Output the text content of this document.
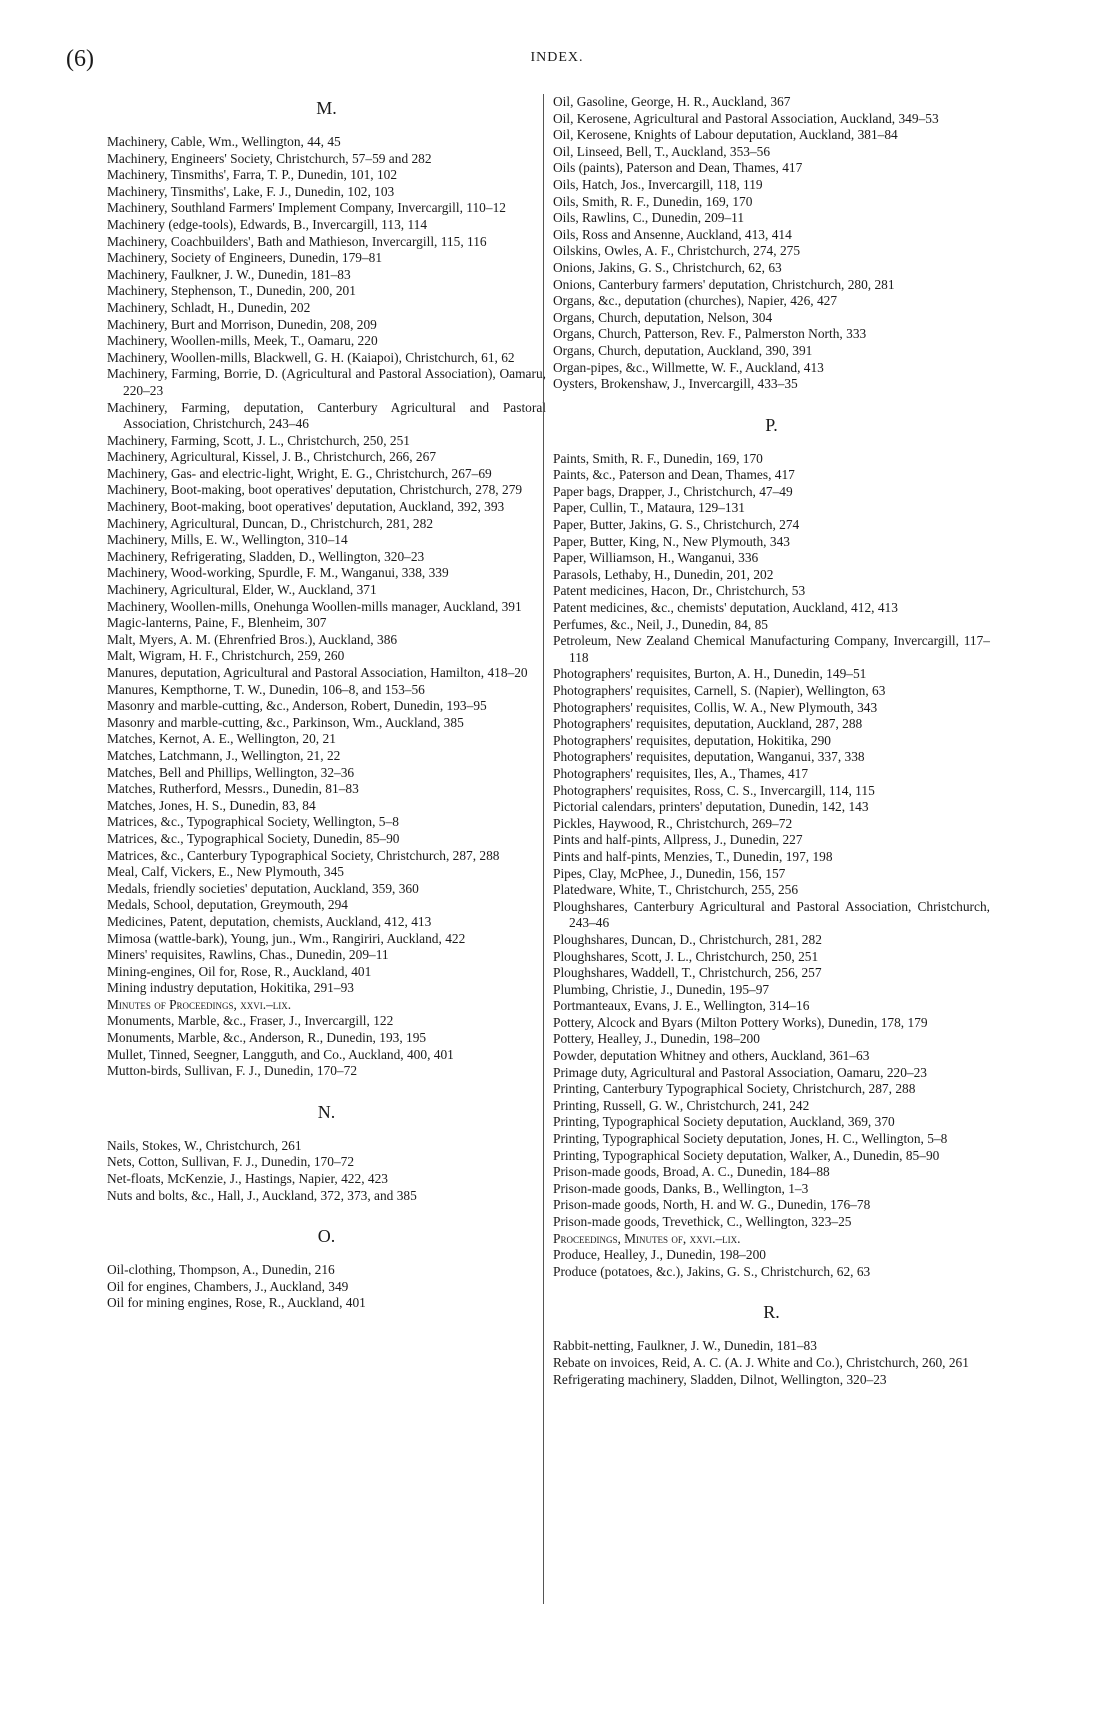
(6)	INDEX.
M.
Machinery, Cable, Wm., Wellington, 44, 45
Machinery, Engineers' Society, Christchurch, 57–59 and 282
Machinery, Tinsmiths', Farra, T. P., Dunedin, 101, 102
Machinery, Tinsmiths', Lake, F. J., Dunedin, 102, 103
Machinery, Southland Farmers' Implement Company, Invercargill, 110–12
Machinery (edge-tools), Edwards, B., Invercargill, 113, 114
Machinery, Coachbuilders', Bath and Mathieson, Invercargill, 115, 116
Machinery, Society of Engineers, Dunedin, 179–81
Machinery, Faulkner, J. W., Dunedin, 181–83
Machinery, Stephenson, T., Dunedin, 200, 201
Machinery, Schladt, H., Dunedin, 202
Machinery, Burt and Morrison, Dunedin, 208, 209
Machinery, Woollen-mills, Meek, T., Oamaru, 220
Machinery, Woollen-mills, Blackwell, G. H. (Kaiapoi), Christchurch, 61, 62
Machinery, Farming, Borrie, D. (Agricultural and Pastoral Association), Oamaru, 220–23
Machinery, Farming, deputation, Canterbury Agricultural and Pastoral Association, Christchurch, 243–46
Machinery, Farming, Scott, J. L., Christchurch, 250, 251
Machinery, Agricultural, Kissel, J. B., Christchurch, 266, 267
Machinery, Gas- and electric-light, Wright, E. G., Christchurch, 267–69
Machinery, Boot-making, boot operatives' deputation, Christchurch, 278, 279
Machinery, Boot-making, boot operatives' deputation, Auckland, 392, 393
Machinery, Agricultural, Duncan, D., Christchurch, 281, 282
Machinery, Mills, E. W., Wellington, 310–14
Machinery, Refrigerating, Sladden, D., Wellington, 320–23
Machinery, Wood-working, Spurdle, F. M., Wanganui, 338, 339
Machinery, Agricultural, Elder, W., Auckland, 371
Machinery, Woollen-mills, Onehunga Woollen-mills manager, Auckland, 391
Magic-lanterns, Paine, F., Blenheim, 307
Malt, Myers, A. M. (Ehrenfried Bros.), Auckland, 386
Malt, Wigram, H. F., Christchurch, 259, 260
Manures, deputation, Agricultural and Pastoral Association, Hamilton, 418–20
Manures, Kempthorne, T. W., Dunedin, 106–8, and 153–56
Masonry and marble-cutting, &c., Anderson, Robert, Dunedin, 193–95
Masonry and marble-cutting, &c., Parkinson, Wm., Auckland, 385
Matches, Kernot, A. E., Wellington, 20, 21
Matches, Latchmann, J., Wellington, 21, 22
Matches, Bell and Phillips, Wellington, 32–36
Matches, Rutherford, Messrs., Dunedin, 81–83
Matches, Jones, H. S., Dunedin, 83, 84
Matrices, &c., Typographical Society, Wellington, 5–8
Matrices, &c., Typographical Society, Dunedin, 85–90
Matrices, &c., Canterbury Typographical Society, Christchurch, 287, 288
Meal, Calf, Vickers, E., New Plymouth, 345
Medals, friendly societies' deputation, Auckland, 359, 360
Medals, School, deputation, Greymouth, 294
Medicines, Patent, deputation, chemists, Auckland, 412, 413
Mimosa (wattle-bark), Young, jun., Wm., Rangiriri, Auckland, 422
Miners' requisites, Rawlins, Chas., Dunedin, 209–11
Mining-engines, Oil for, Rose, R., Auckland, 401
Mining industry deputation, Hokitika, 291–93
Minutes of Proceedings, xxvi.–lix.
Monuments, Marble, &c., Fraser, J., Invercargill, 122
Monuments, Marble, &c., Anderson, R., Dunedin, 193, 195
Mullet, Tinned, Seegner, Langguth, and Co., Auckland, 400, 401
Mutton-birds, Sullivan, F. J., Dunedin, 170–72
N.
Nails, Stokes, W., Christchurch, 261
Nets, Cotton, Sullivan, F. J., Dunedin, 170–72
Net-floats, McKenzie, J., Hastings, Napier, 422, 423
Nuts and bolts, &c., Hall, J., Auckland, 372, 373, and 385
O.
Oil-clothing, Thompson, A., Dunedin, 216
Oil for engines, Chambers, J., Auckland, 349
Oil for mining engines, Rose, R., Auckland, 401
Oil, Gasoline, George, H. R., Auckland, 367
Oil, Kerosene, Agricultural and Pastoral Association, Auckland, 349–53
Oil, Kerosene, Knights of Labour deputation, Auckland, 381–84
Oil, Linseed, Bell, T., Auckland, 353–56
Oils (paints), Paterson and Dean, Thames, 417
Oils, Hatch, Jos., Invercargill, 118, 119
Oils, Smith, R. F., Dunedin, 169, 170
Oils, Rawlins, C., Dunedin, 209–11
Oils, Ross and Ansenne, Auckland, 413, 414
Oilskins, Owles, A. F., Christchurch, 274, 275
Onions, Jakins, G. S., Christchurch, 62, 63
Onions, Canterbury farmers' deputation, Christchurch, 280, 281
Organs, &c., deputation (churches), Napier, 426, 427
Organs, Church, deputation, Nelson, 304
Organs, Church, Patterson, Rev. F., Palmerston North, 333
Organs, Church, deputation, Auckland, 390, 391
Organ-pipes, &c., Willmette, W. F., Auckland, 413
Oysters, Brokenshaw, J., Invercargill, 433–35
P.
Paints, Smith, R. F., Dunedin, 169, 170
Paints, &c., Paterson and Dean, Thames, 417
Paper bags, Drapper, J., Christchurch, 47–49
Paper, Cullin, T., Mataura, 129–131
Paper, Butter, Jakins, G. S., Christchurch, 274
Paper, Butter, King, N., New Plymouth, 343
Paper, Williamson, H., Wanganui, 336
Parasols, Lethaby, H., Dunedin, 201, 202
Patent medicines, Hacon, Dr., Christchurch, 53
Patent medicines, &c., chemists' deputation, Auckland, 412, 413
Perfumes, &c., Neil, J., Dunedin, 84, 85
Petroleum, New Zealand Chemical Manufacturing Company, Invercargill, 117–118
Photographers' requisites, Burton, A. H., Dunedin, 149–51
Photographers' requisites, Carnell, S. (Napier), Wellington, 63
Photographers' requisites, Collis, W. A., New Plymouth, 343
Photographers' requisites, deputation, Auckland, 287, 288
Photographers' requisites, deputation, Hokitika, 290
Photographers' requisites, deputation, Wanganui, 337, 338
Photographers' requisites, Iles, A., Thames, 417
Photographers' requisites, Ross, C. S., Invercargill, 114, 115
Pictorial calendars, printers' deputation, Dunedin, 142, 143
Pickles, Haywood, R., Christchurch, 269–72
Pints and half-pints, Allpress, J., Dunedin, 227
Pints and half-pints, Menzies, T., Dunedin, 197, 198
Pipes, Clay, McPhee, J., Dunedin, 156, 157
Platedware, White, T., Christchurch, 255, 256
Ploughshares, Canterbury Agricultural and Pastoral Association, Christchurch, 243–46
Ploughshares, Duncan, D., Christchurch, 281, 282
Ploughshares, Scott, J. L., Christchurch, 250, 251
Ploughshares, Waddell, T., Christchurch, 256, 257
Plumbing, Christie, J., Dunedin, 195–97
Portmanteaux, Evans, J. E., Wellington, 314–16
Pottery, Alcock and Byars (Milton Pottery Works), Dunedin, 178, 179
Pottery, Healley, J., Dunedin, 198–200
Powder, deputation Whitney and others, Auckland, 361–63
Primage duty, Agricultural and Pastoral Association, Oamaru, 220–23
Printing, Canterbury Typographical Society, Christchurch, 287, 288
Printing, Russell, G. W., Christchurch, 241, 242
Printing, Typographical Society deputation, Auckland, 369, 370
Printing, Typographical Society deputation, Jones, H. C., Wellington, 5–8
Printing, Typographical Society deputation, Walker, A., Dunedin, 85–90
Prison-made goods, Broad, A. C., Dunedin, 184–88
Prison-made goods, Danks, B., Wellington, 1–3
Prison-made goods, North, H. and W. G., Dunedin, 176–78
Prison-made goods, Trevethick, C., Wellington, 323–25
Proceedings, Minutes of, xxvi.–lix.
Produce, Healley, J., Dunedin, 198–200
Produce (potatoes, &c.), Jakins, G. S., Christchurch, 62, 63
R.
Rabbit-netting, Faulkner, J. W., Dunedin, 181–83
Rebate on invoices, Reid, A. C. (A. J. White and Co.), Christchurch, 260, 261
Refrigerating machinery, Sladden, Dilnot, Wellington, 320–23
